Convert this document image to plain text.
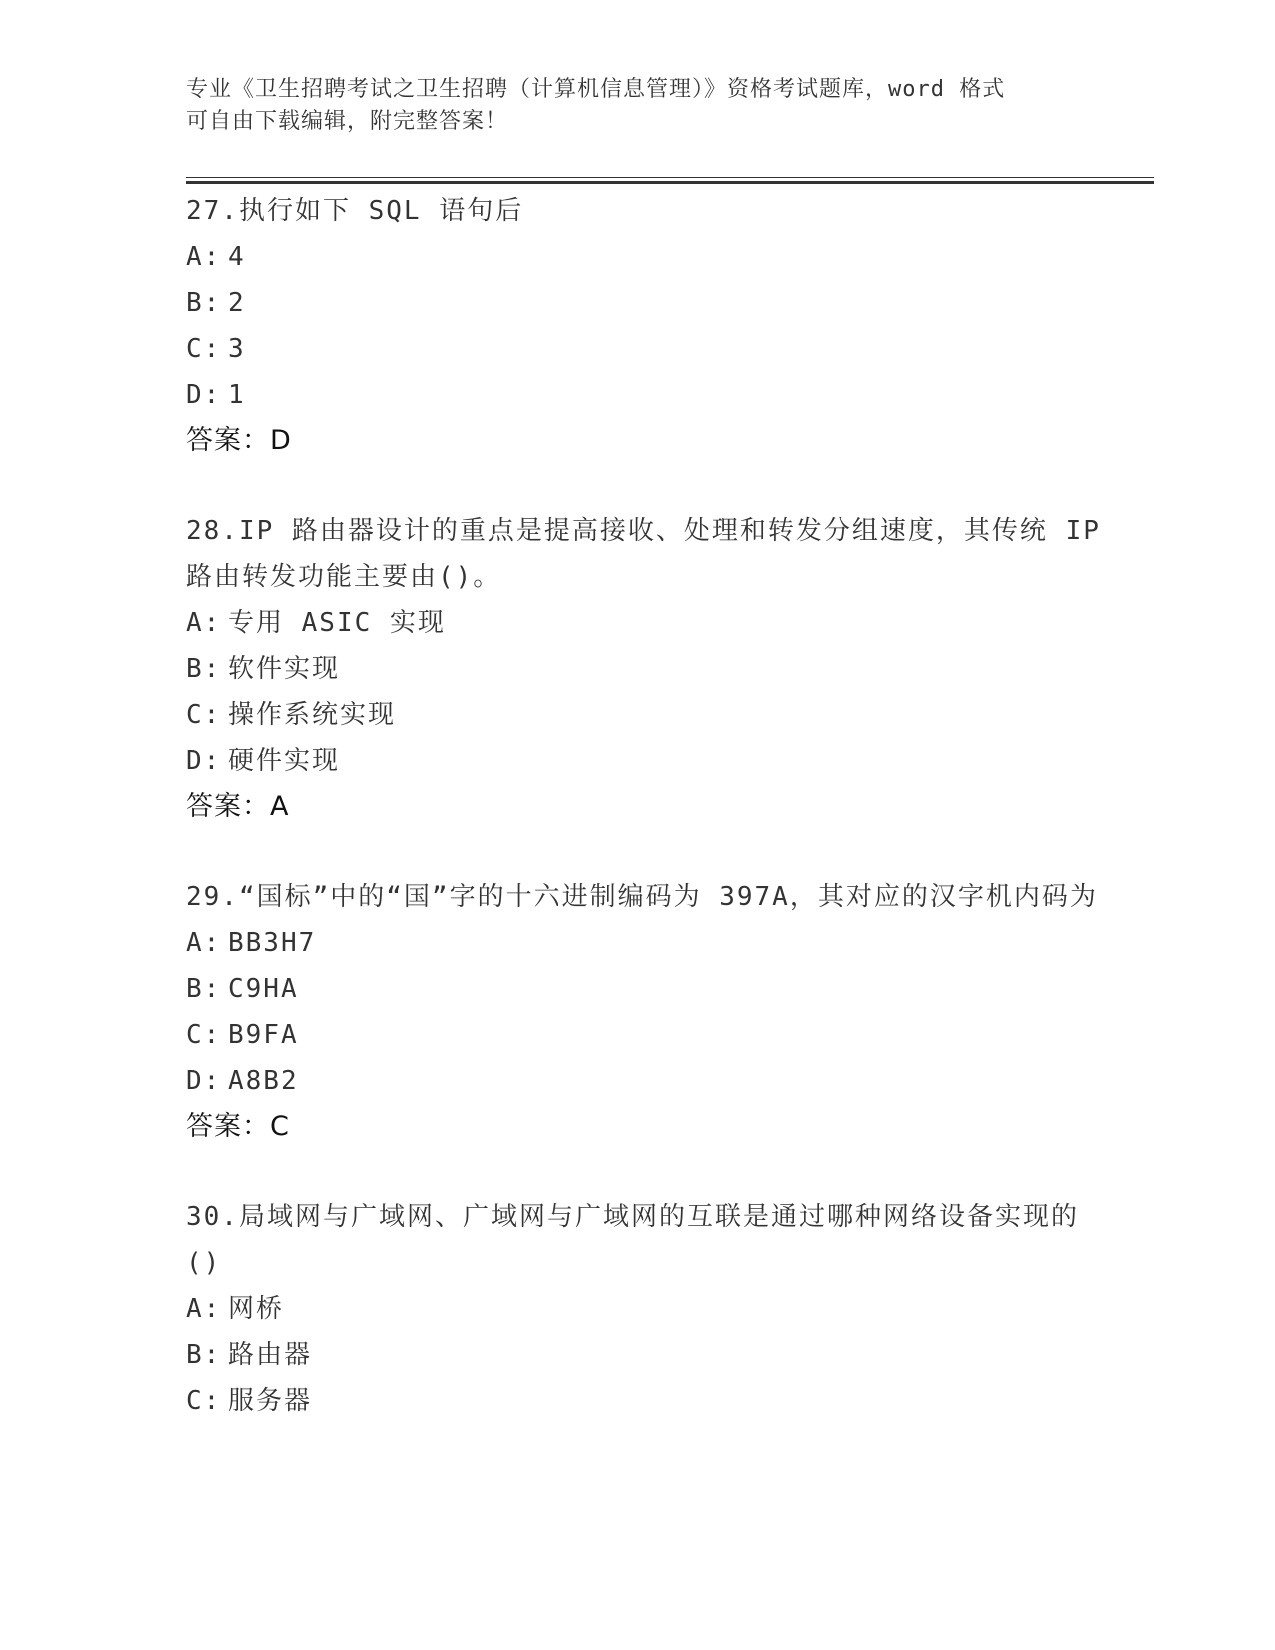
专业《卫生招聘考试之卫生招聘（计算机信息管理）》资格考试题库，word 格式
可自由下载编辑，附完整答案！
27.执行如下 SQL 语句后
A: 4
B: 2
C: 3
D: 1
答案：D
28.IP 路由器设计的重点是提高接收、处理和转发分组速度，其传统 IP 路由转发功能主要由()。
A: 专用 ASIC 实现
B: 软件实现
C: 操作系统实现
D: 硬件实现
答案：A
29.“国标”中的“国”字的十六进制编码为 397A，其对应的汉字机内码为
A: BB3H7
B: C9HA
C: B9FA
D: A8B2
答案：C
30.局域网与广域网、广域网与广域网的互联是通过哪种网络设备实现的()
A: 网桥
B: 路由器
C: 服务器
